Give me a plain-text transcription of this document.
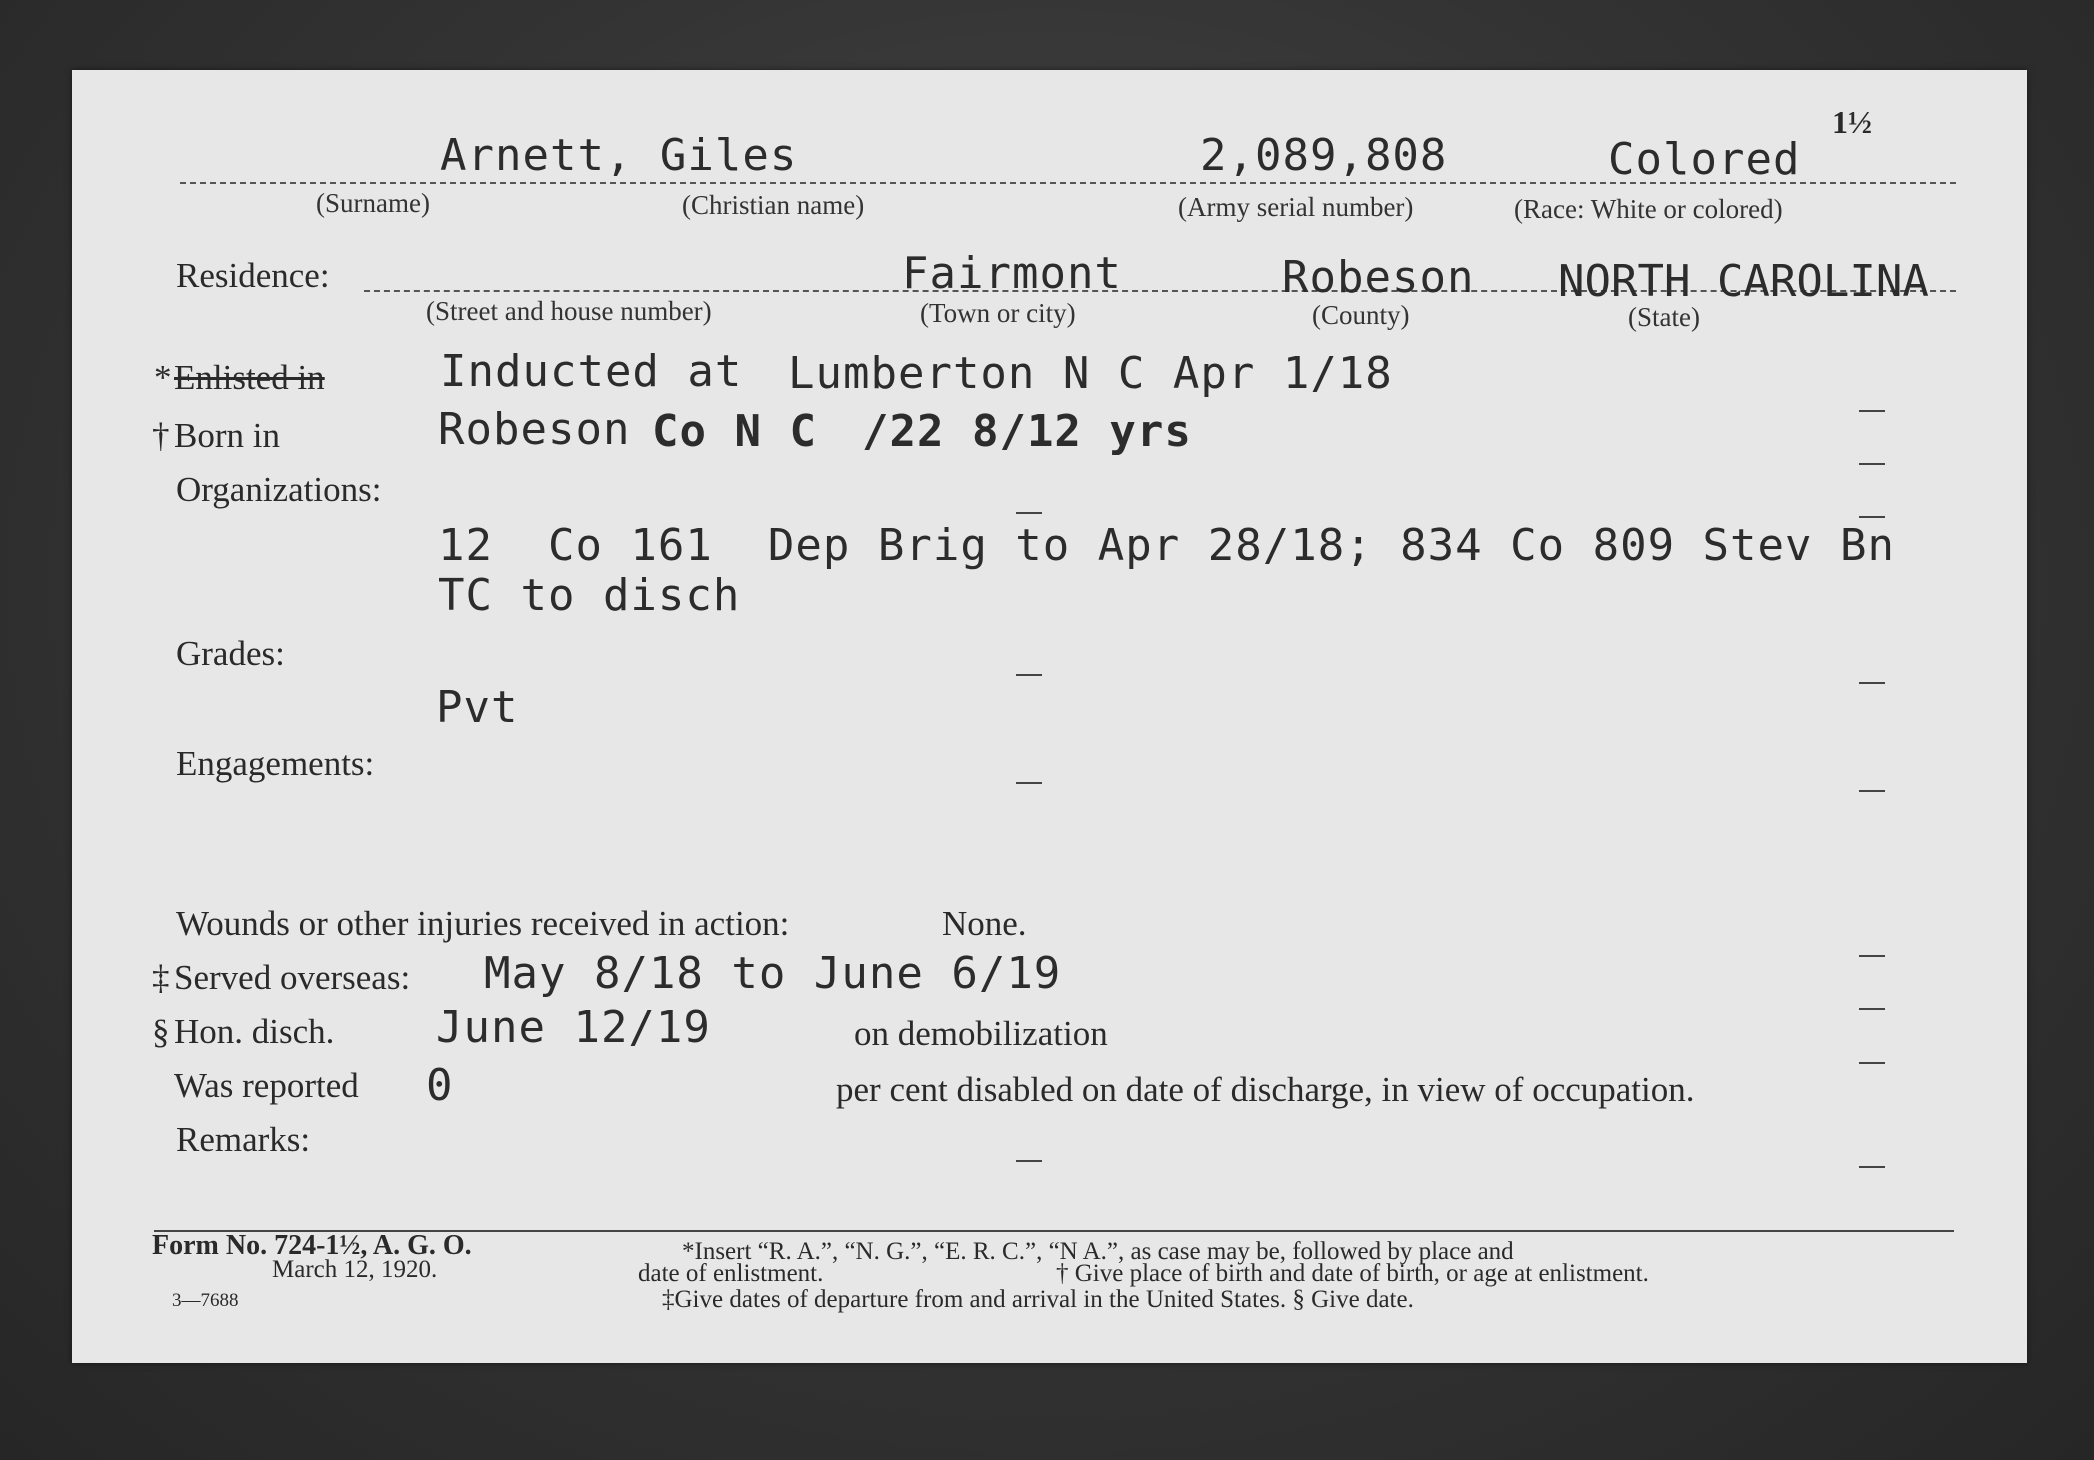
1½
Arnett, Giles	2,089,808	Colored
(Surname)	(Christian name)	(Army serial number)	(Race: White or colored)
Residence:	Fairmont	Robeson NORTH CAROLINA
(Street and house number)	(Town or city)	(County)	(State)
* Enlisted in	Inducted at Lumberton N C Apr 1/18
† Born in	Robeson Co N C /22 8/12 yrs
Organizations:
12  Co 161  Dep Brig to Apr 28/18; 834 Co 809 Stev Bn
TC to disch
Grades:
Pvt
Engagements:
Wounds or other injuries received in action:	None.
‡ Served overseas: May 8/18 to June 6/19
§ Hon. disch. June 12/19	on demobilization
Was reported 0	per cent disabled on date of discharge, in view of occupation.
Remarks:
Form No. 724-1½, A. G. O.
March 12, 1920.
3—7688
*Insert “R. A.”, “N. G.”, “E. R. C.”, “N A.”, as case may be, followed by place and
date of enlistment.	† Give place of birth and date of birth, or age at enlistment.
‡Give dates of departure from and arrival in the United States. § Give date.
